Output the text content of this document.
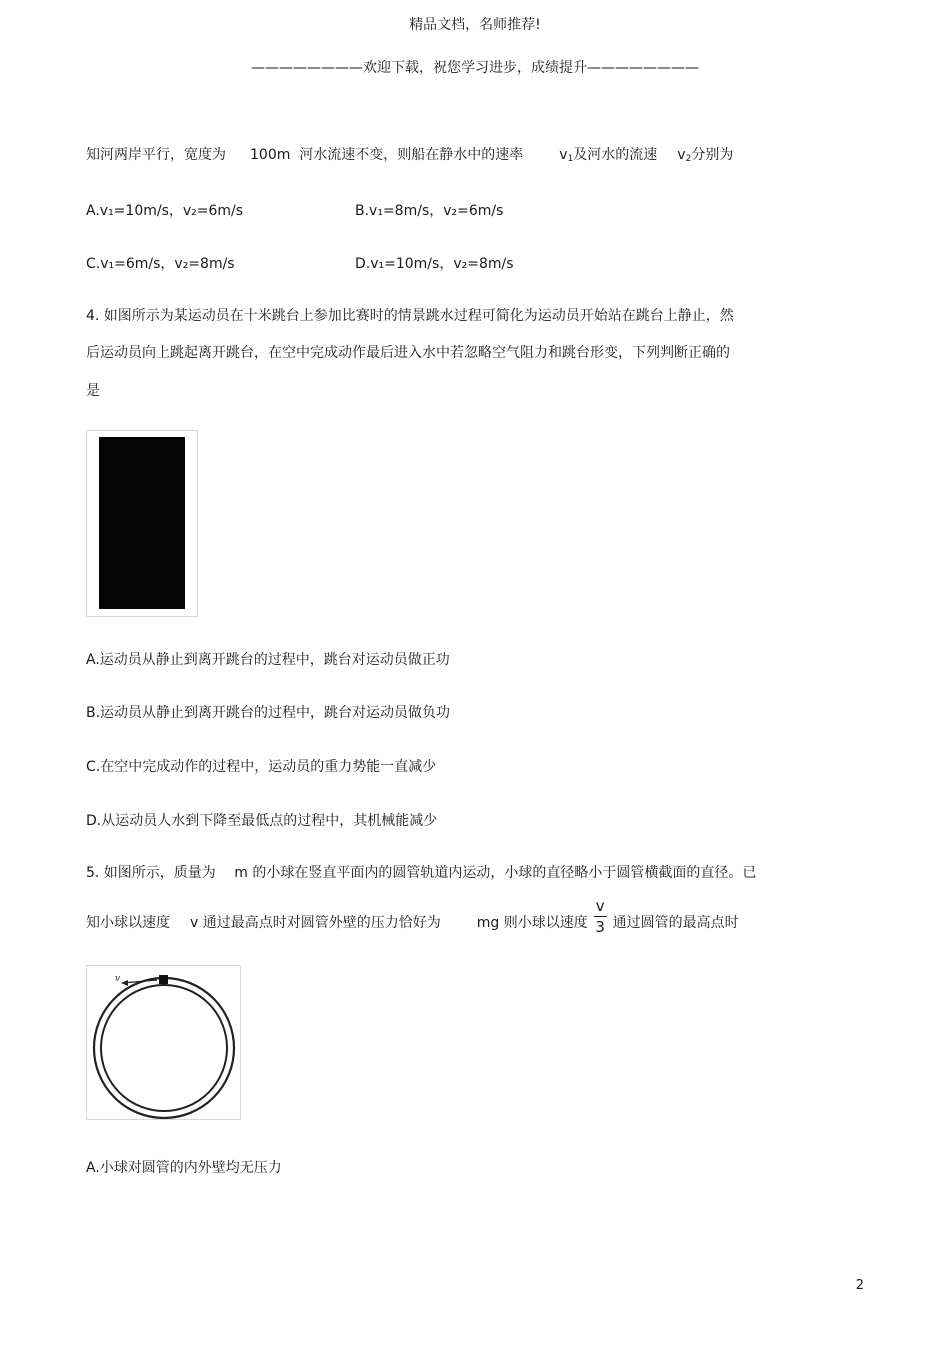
精品文档，名师推荐!
————————欢迎下载，祝您学习进步，成绩提升————————
知河两岸平行，宽度为 100m 河水流速不变，则船在静水中的速率	$v_1$及河水的流速 $v_2$分别为
A.v₁=10m/s，v₂=6m/s	B.v₁=8m/s，v₂=6m/s
C.v₁=6m/s，v₂=8m/s	D.v₁=10m/s，v₂=8m/s
4. 如图所示为某运动员在十米跳台上参加比赛时的情景跳水过程可简化为运动员开始站在跳台上静止，然
后运动员向上跳起离开跳台，在空中完成动作最后进入水中若忽略空气阻力和跳台形变，下列判断正确的
是
A.运动员从静止到离开跳台的过程中，跳台对运动员做正功
B.运动员从静止到离开跳台的过程中，跳台对运动员做负功
C.在空中完成动作的过程中，运动员的重力势能一直减少
D.从运动员人水到下降至最低点的过程中，其机械能减少
5. 如图所示，质量为　 m 的小球在竖直平面内的圆管轨道内运动，小球的直径略小于圆管横截面的直径。已
知小球以速度 v 通过最高点时对圆管外壁的压力恰好为	mg 则小球以速度 $\frac{v}{3}$ 通过圆管的最高点时
v
A.小球对圆管的内外壁均无压力
2
